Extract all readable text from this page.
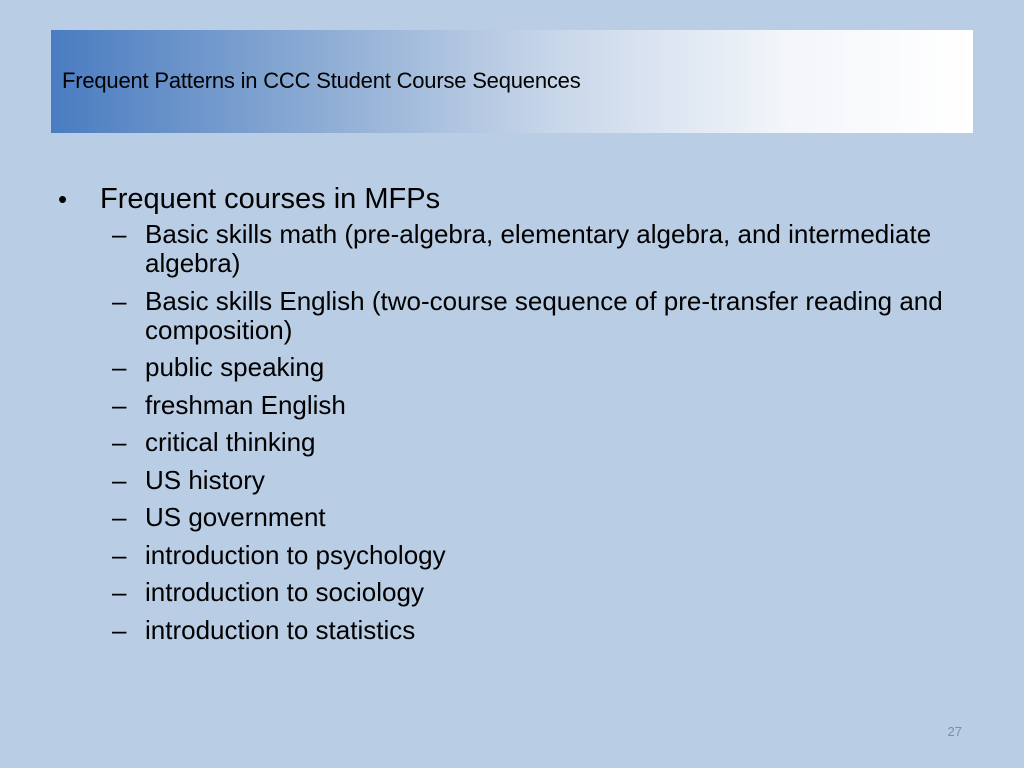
Frequent Patterns in CCC Student Course Sequences
•	Frequent courses in MFPs
– Basic skills math (pre-algebra, elementary algebra, and intermediate algebra)
– Basic skills English (two-course sequence of pre-transfer reading and composition)
– public speaking
– freshman English
– critical thinking
– US history
– US government
– introduction to psychology
– introduction to sociology
– introduction to statistics
27
